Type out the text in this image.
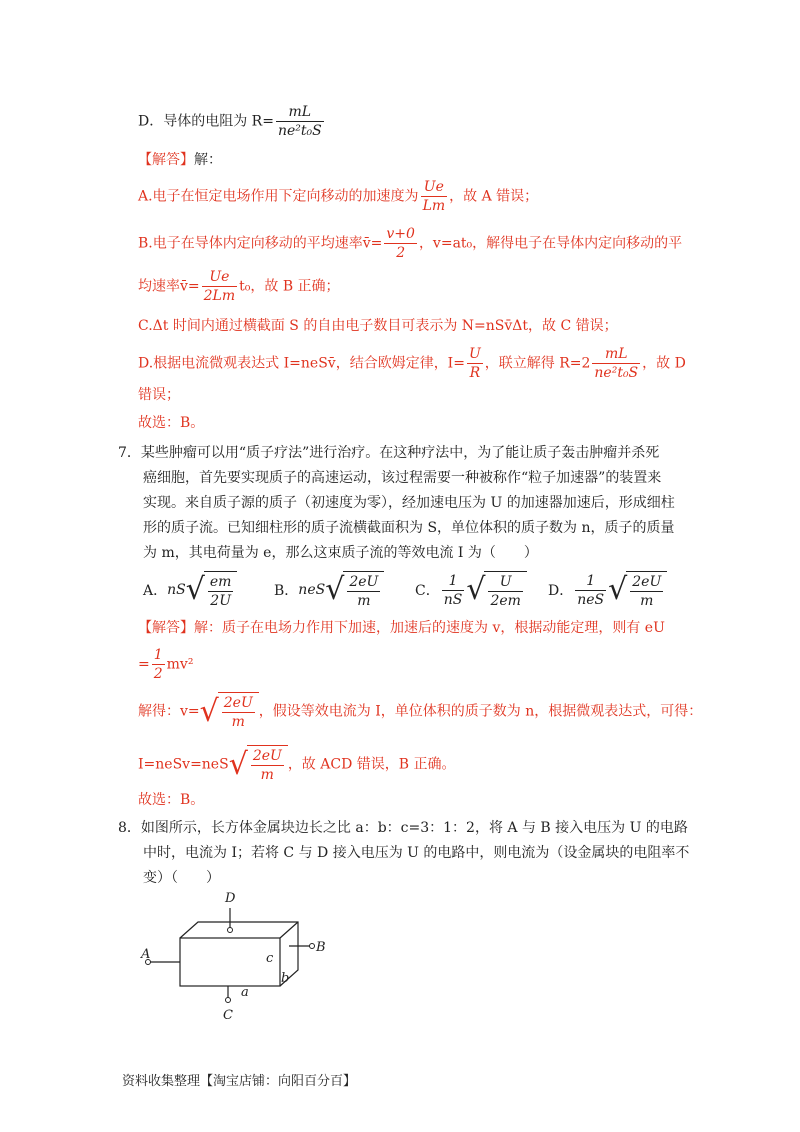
D．导体的电阻为 $R= \frac{mL}{\text{ne²t₀S}}$
【解答】解：
A.电子在恒定电场作用下定向移动的加速度为 $\frac{Ue}{Lm}$ ，故 A 错误；
B.电子在导体内定向移动的平均速率v̄= $\frac{v+0}{2}$ ，v=at₀，解得电子在导体内定向移动的平
均速率v̄= $\frac{Ue}{2Lm} t_0$，故 B 正确；
C.Δt 时间内通过横截面 S 的自由电子数目可表示为 N=nSv̄Δt，故 C 错误；
D.根据电流微观表达式 I=neSv̄，结合欧姆定律，$I= \frac{U}{R}$ ，联立解得 $R=2 \frac{mL}{\text{ne²t₀S}}$ ，故 D
错误；
故选：B。
7．某些肿瘤可以用“质子疗法”进行治疗。在这种疗法中，为了能让质子轰击肿瘤并杀死
癌细胞，首先要实现质子的高速运动，该过程需要一种被称作“粒子加速器”的装置来
实现。来自质子源的质子（初速度为零），经加速电压为 U 的加速器加速后，形成细柱
形的质子流。已知细柱形的质子流横截面积为 S，单位体积的质子数为 n，质子的质量
为 m，其电荷量为 e，那么这束质子流的等效电流 I 为（　　）
A． nS √ $\frac{em}{2U}$	B． neS √ $\frac{2eU}{m}$ C． $\frac{1}{nS}$ √ $\frac{U}{2em}$ D． $\frac{1}{\text{neS}}$ √ $\frac{2eU}{m}$
【解答】解：质子在电场力作用下加速，加速后的速度为 v，根据动能定理，则有 eU
= $\frac{1}{2} mv^2$
解得：v= √ $\frac{2eU}{m}$ ，假设等效电流为 I，单位体积的质子数为 n，根据微观表达式，可得：
I=neSv=neS √ $\frac{2eU}{m}$ ，故 ACD 错误，B 正确。
故选：B。
8．如图所示，长方体金属块边长之比 a：b：c=3：1：2，将 A 与 B 接入电压为 U 的电路
中时，电流为 I；若将 C 与 D 接入电压为 U 的电路中，则电流为（设金属块的电阻率不
变）（　　）
A	B
D
C
a
b
c
资料收集整理【淘宝店铺：向阳百分百】
